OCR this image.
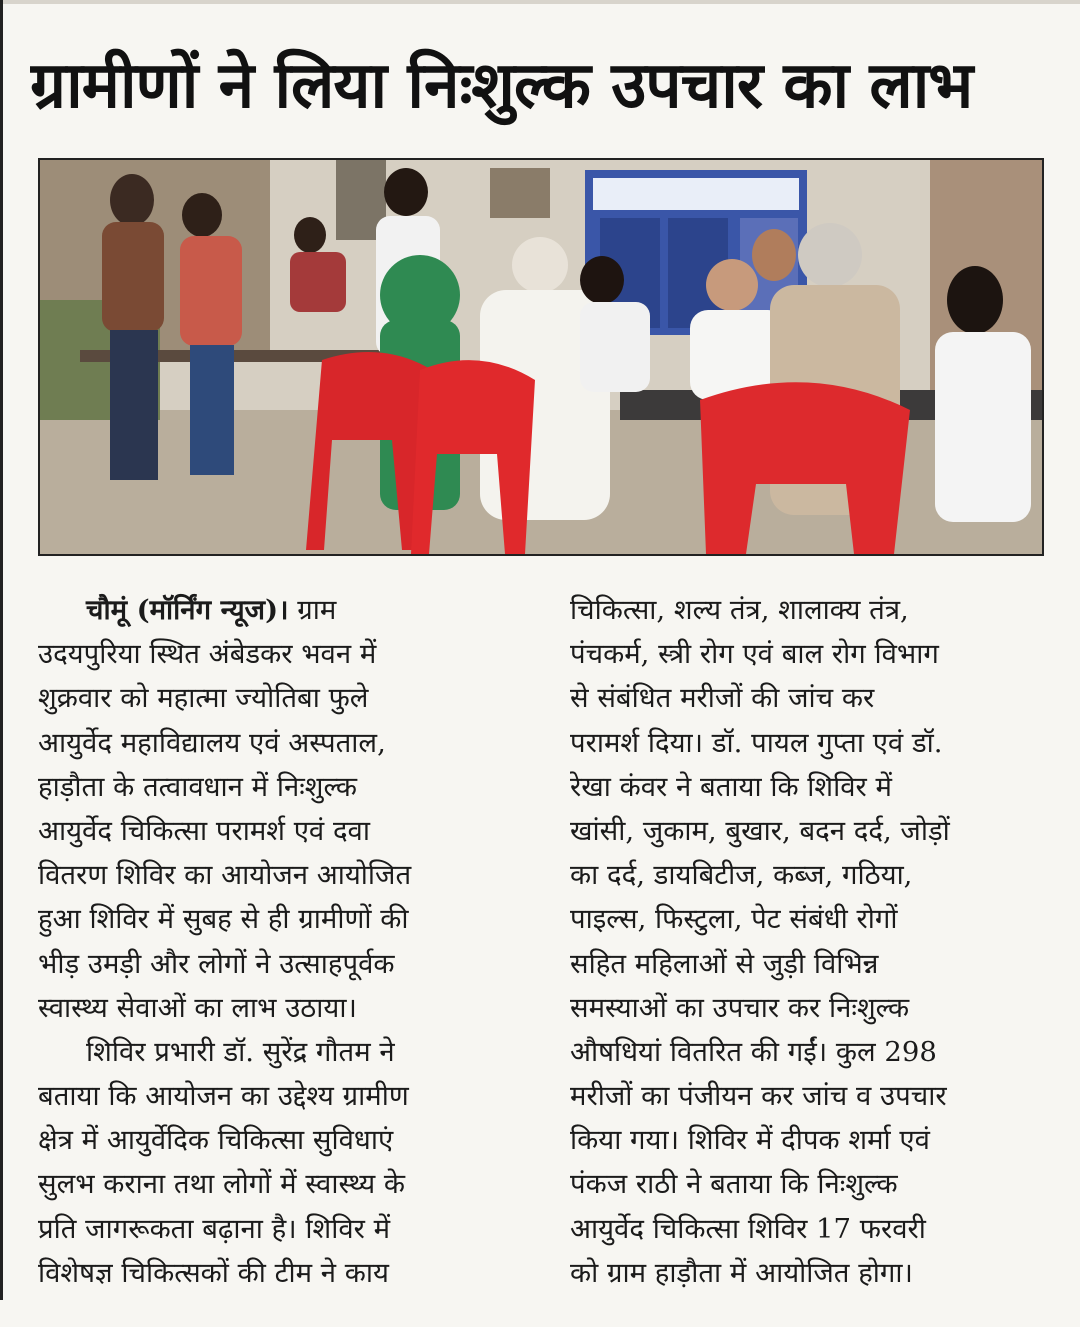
ग्रामीणों ने लिया निःशुल्क उपचार का लाभ
चौमूं (मॉर्निंग न्यूज)। ग्राम
उदयपुरिया स्थित अंबेडकर भवन में
शुक्रवार को महात्मा ज्योतिबा फुले
आयुर्वेद महाविद्यालय एवं अस्पताल,
हाड़ौता के तत्वावधान में निःशुल्क
आयुर्वेद चिकित्सा परामर्श एवं दवा
वितरण शिविर का आयोजन आयोजित
हुआ शिविर में सुबह से ही ग्रामीणों की
भीड़ उमड़ी और लोगों ने उत्साहपूर्वक
स्वास्थ्य सेवाओं का लाभ उठाया।
शिविर प्रभारी डॉ. सुरेंद्र गौतम ने
बताया कि आयोजन का उद्देश्य ग्रामीण
क्षेत्र में आयुर्वेदिक चिकित्सा सुविधाएं
सुलभ कराना तथा लोगों में स्वास्थ्य के
प्रति जागरूकता बढ़ाना है। शिविर में
विशेषज्ञ चिकित्सकों की टीम ने काय
चिकित्सा, शल्य तंत्र, शालाक्य तंत्र,
पंचकर्म, स्त्री रोग एवं बाल रोग विभाग
से संबंधित मरीजों की जांच कर
परामर्श दिया। डॉ. पायल गुप्ता एवं डॉ.
रेखा कंवर ने बताया कि शिविर में
खांसी, जुकाम, बुखार, बदन दर्द, जोड़ों
का दर्द, डायबिटीज, कब्ज, गठिया,
पाइल्स, फिस्टुला, पेट संबंधी रोगों
सहित महिलाओं से जुड़ी विभिन्न
समस्याओं का उपचार कर निःशुल्क
औषधियां वितरित की गईं। कुल 298
मरीजों का पंजीयन कर जांच व उपचार
किया गया। शिविर में दीपक शर्मा एवं
पंकज राठी ने बताया कि निःशुल्क
आयुर्वेद चिकित्सा शिविर 17 फरवरी
को ग्राम हाड़ौता में आयोजित होगा।
